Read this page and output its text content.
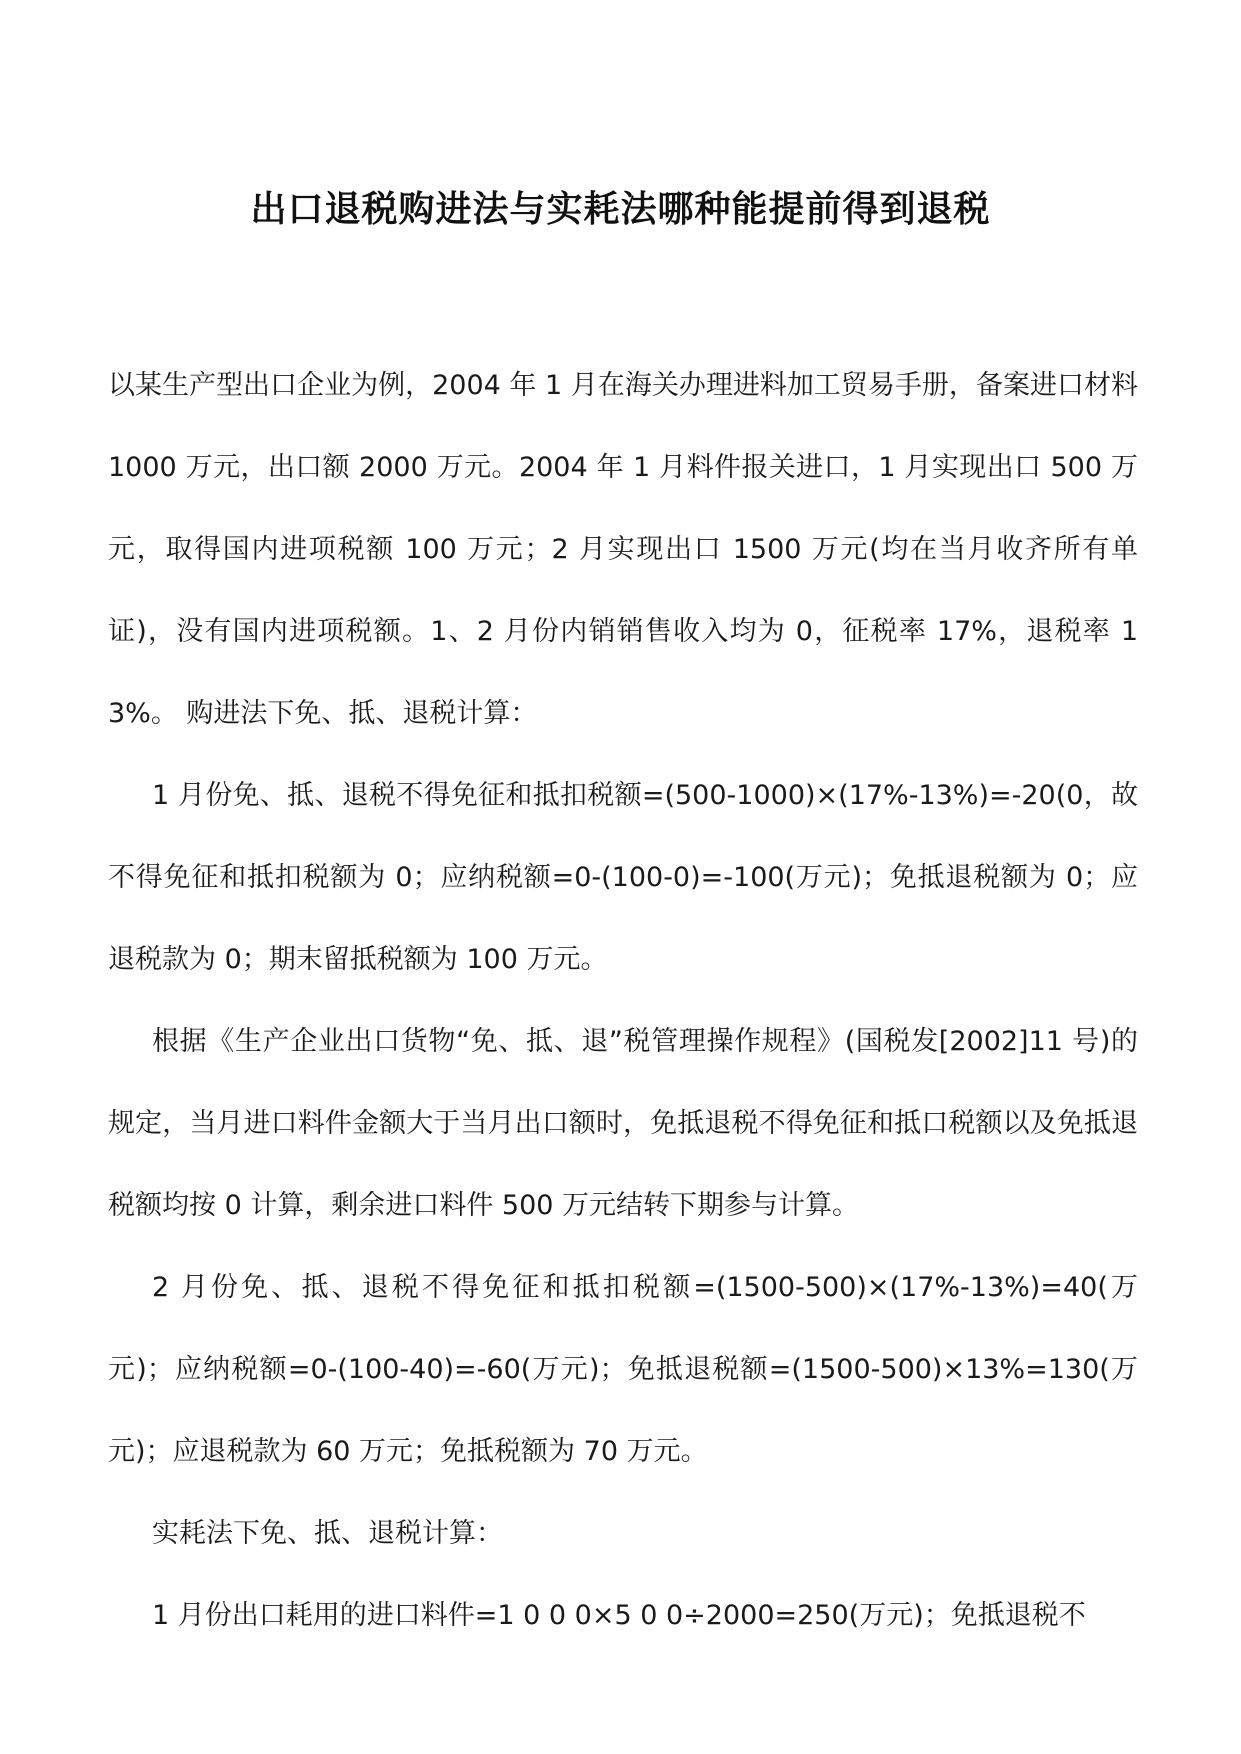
出口退税购进法与实耗法哪种能提前得到退税

以某生产型出口企业为例，2004 年 1 月在海关办理进料加工贸易手册，备案进口材料 1000 万元，出口额 2000 万元。2004 年 1 月料件报关进口，1 月实现出口 500 万元，取得国内进项税额 100 万元；2 月实现出口 1500 万元(均在当月收齐所有单证)，没有国内进项税额。1、2 月份内销销售收入均为 0，征税率 17%，退税率 13%。 购进法下免、抵、退税计算：

1 月份免、抵、退税不得免征和抵扣税额=(500-1000)×(17%-13%)=-20(0，故不得免征和抵扣税额为 0；应纳税额=0-(100-0)=-100(万元)；免抵退税额为 0；应退税款为 0；期末留抵税额为 100 万元。

根据《生产企业出口货物“免、抵、退”税管理操作规程》(国税发[2002]11 号)的规定，当月进口料件金额大于当月出口额时，免抵退税不得免征和抵口税额以及免抵退税额均按 0 计算，剩余进口料件 500 万元结转下期参与计算。

2 月份免、抵、退税不得免征和抵扣税额=(1500-500)×(17%-13%)=40(万元)；应纳税额=0-(100-40)=-60(万元)；免抵退税额=(1500-500)×13%=130(万元)；应退税款为 60 万元；免抵税额为 70 万元。

实耗法下免、抵、退税计算：

1 月份出口耗用的进口料件=1 0 0 0×5 0 0÷2000=250(万元)；免抵退税不
